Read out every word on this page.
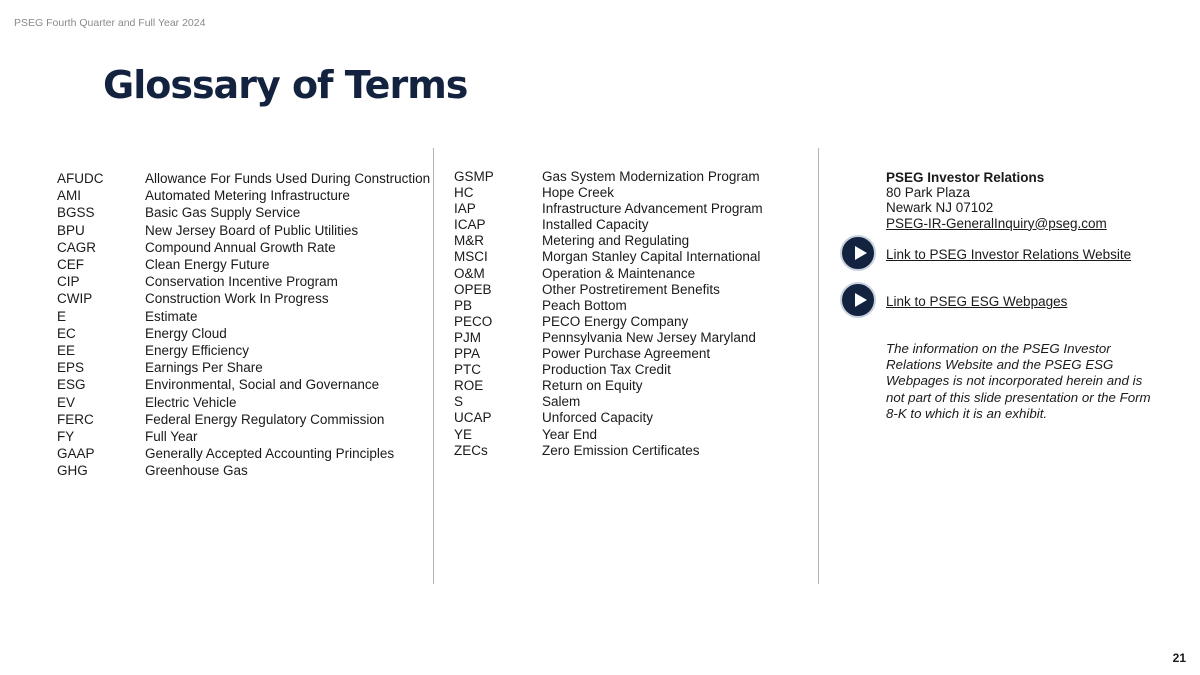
PSEG Fourth Quarter and Full Year 2024
Glossary of Terms
AFUDC	Allowance For Funds Used During Construction
AMI	Automated Metering Infrastructure
BGSS	Basic Gas Supply Service
BPU	New Jersey Board of Public Utilities
CAGR	Compound Annual Growth Rate
CEF	Clean Energy Future
CIP	Conservation Incentive Program
CWIP	Construction Work In Progress
E	Estimate
EC	Energy Cloud
EE	Energy Efficiency
EPS	Earnings Per Share
ESG	Environmental, Social and Governance
EV	Electric Vehicle
FERC	Federal Energy Regulatory Commission
FY	Full Year
GAAP	Generally Accepted Accounting Principles
GHG	Greenhouse Gas
GSMP	Gas System Modernization Program
HC	Hope Creek
IAP	Infrastructure Advancement Program
ICAP	Installed Capacity
M&R	Metering and Regulating
MSCI	Morgan Stanley Capital International
O&M	Operation & Maintenance
OPEB	Other Postretirement Benefits
PB	Peach Bottom
PECO	PECO Energy Company
PJM	Pennsylvania New Jersey Maryland
PPA	Power Purchase Agreement
PTC	Production Tax Credit
ROE	Return on Equity
S	Salem
UCAP	Unforced Capacity
YE	Year End
ZECs	Zero Emission Certificates
PSEG Investor Relations
80 Park Plaza
Newark NJ 07102
PSEG-IR-GeneralInquiry@pseg.com
Link to PSEG Investor Relations Website
Link to PSEG ESG Webpages
The information on the PSEG Investor Relations Website and the PSEG ESG Webpages is not incorporated herein and is not part of this slide presentation or the Form 8-K to which it is an exhibit.
21
